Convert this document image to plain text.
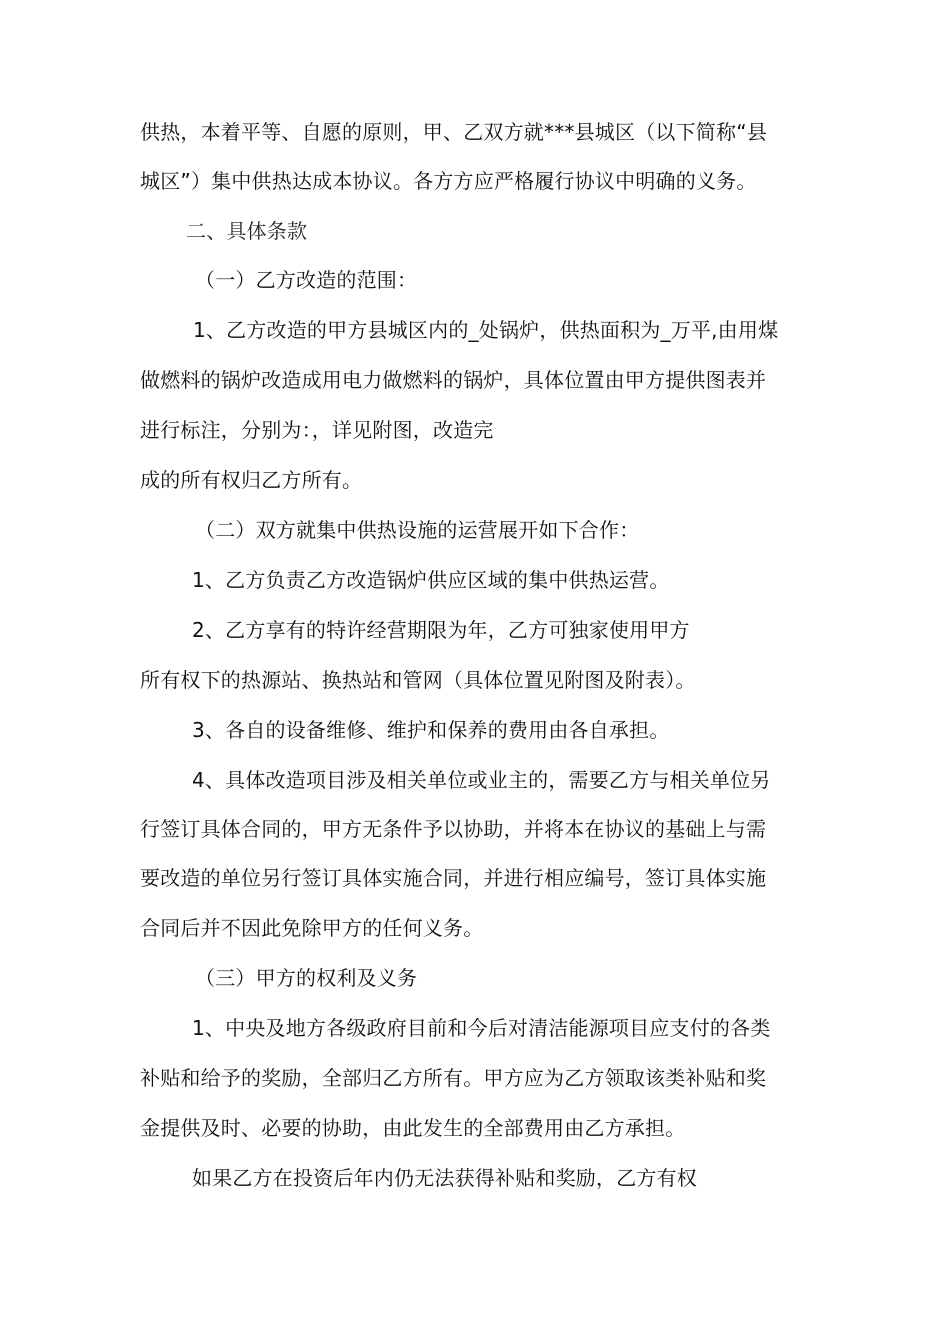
供热，本着平等、自愿的原则，甲、乙双方就***县城区（以下简称“县
城区”）集中供热达成本协议。各方方应严格履行协议中明确的义务。
二、具体条款
（一）乙方改造的范围：
1、乙方改造的甲方县城区内的_处锅炉，供热面积为_万平,由用煤
做燃料的锅炉改造成用电力做燃料的锅炉，具体位置由甲方提供图表并
进行标注，分别为：，详见附图，改造完
成的所有权归乙方所有。
（二）双方就集中供热设施的运营展开如下合作：
1、乙方负责乙方改造锅炉供应区域的集中供热运营。
2、乙方享有的特许经营期限为年，乙方可独家使用甲方
所有权下的热源站、换热站和管网（具体位置见附图及附表）。
3、各自的设备维修、维护和保养的费用由各自承担。
4、具体改造项目涉及相关单位或业主的，需要乙方与相关单位另
行签订具体合同的，甲方无条件予以协助，并将本在协议的基础上与需
要改造的单位另行签订具体实施合同，并进行相应编号，签订具体实施
合同后并不因此免除甲方的任何义务。
（三）甲方的权利及义务
1、中央及地方各级政府目前和今后对清洁能源项目应支付的各类
补贴和给予的奖励，全部归乙方所有。甲方应为乙方领取该类补贴和奖
金提供及时、必要的协助，由此发生的全部费用由乙方承担。
如果乙方在投资后年内仍无法获得补贴和奖励，乙方有权
